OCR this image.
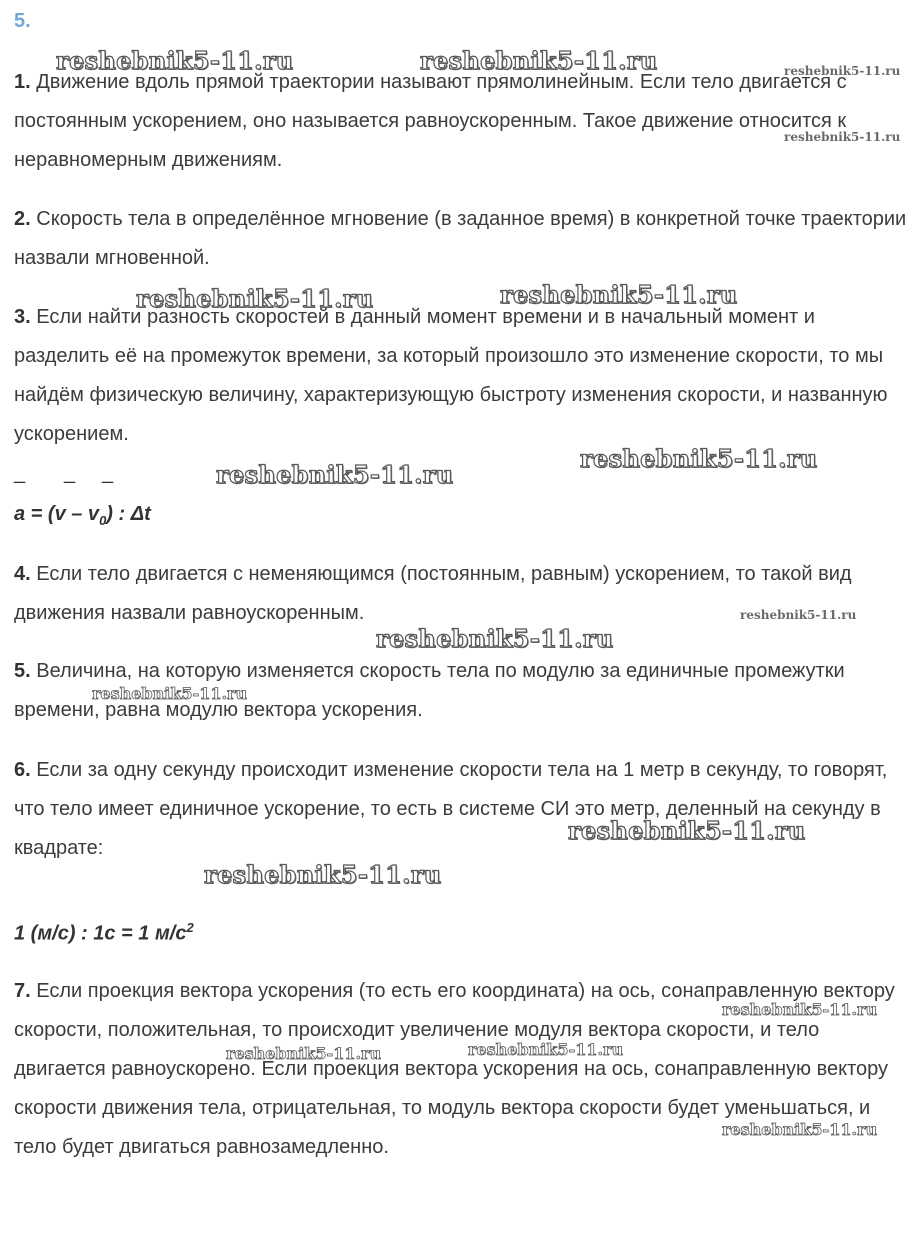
5.
1. Движение вдоль прямой траектории называют прямолинейным. Если тело двигается с постоянным ускорением, оно называется равноускоренным. Такое движение относится к неравномерным движениям.
2. Скорость тела в определённое мгновение (в заданное время) в конкретной точке траектории назвали мгновенной.
3. Если найти разность скоростей в данный момент времени и в начальный момент и разделить её на промежуток времени, за который произошло это изменение скорости, то мы найдём физическую величину, характеризующую быстроту изменения скорости, и названную ускорением.
_ _ _
$a = (v - v_0)$ : Δt
4. Если тело двигается с неменяющимся (постоянным, равным) ускорением, то такой вид движения назвали равноускоренным.
5. Величина, на которую изменяется скорость тела по модулю за единичные промежутки времени, равна модулю вектора ускорения.
6. Если за одну секунду происходит изменение скорости тела на 1 метр в секунду, то говорят, что тело имеет единичное ускорение, то есть в системе СИ это метр, деленный на секунду в квадрате:
1 (м/с) : 1с = 1 $м/с^2$
7. Если проекция вектора ускорения (то есть его координата) на ось, сонаправленную вектору скорости, положительная, то происходит увеличение модуля вектора скорости, и тело двигается равноускорено. Если проекция вектора ускорения на ось, сонаправленную вектору скорости движения тела, отрицательная, то модуль вектора скорости будет уменьшаться, и тело будет двигаться равнозамедленно.
reshebnik5-11.ru	reshebnik5-11.ru	reshebnik5-11.ru
reshebnik5-11.ru
reshebnik5-11.ru	reshebnik5-11.ru
reshebnik5-11.ru
reshebnik5-11.ru
reshebnik5-11.ru
reshebnik5-11.ru
reshebnik5-11.ru
reshebnik5-11.ru
reshebnik5-11.ru
reshebnik5-11.ru
reshebnik5-11.ru	reshebnik5-11.ru
reshebnik5-11.ru
